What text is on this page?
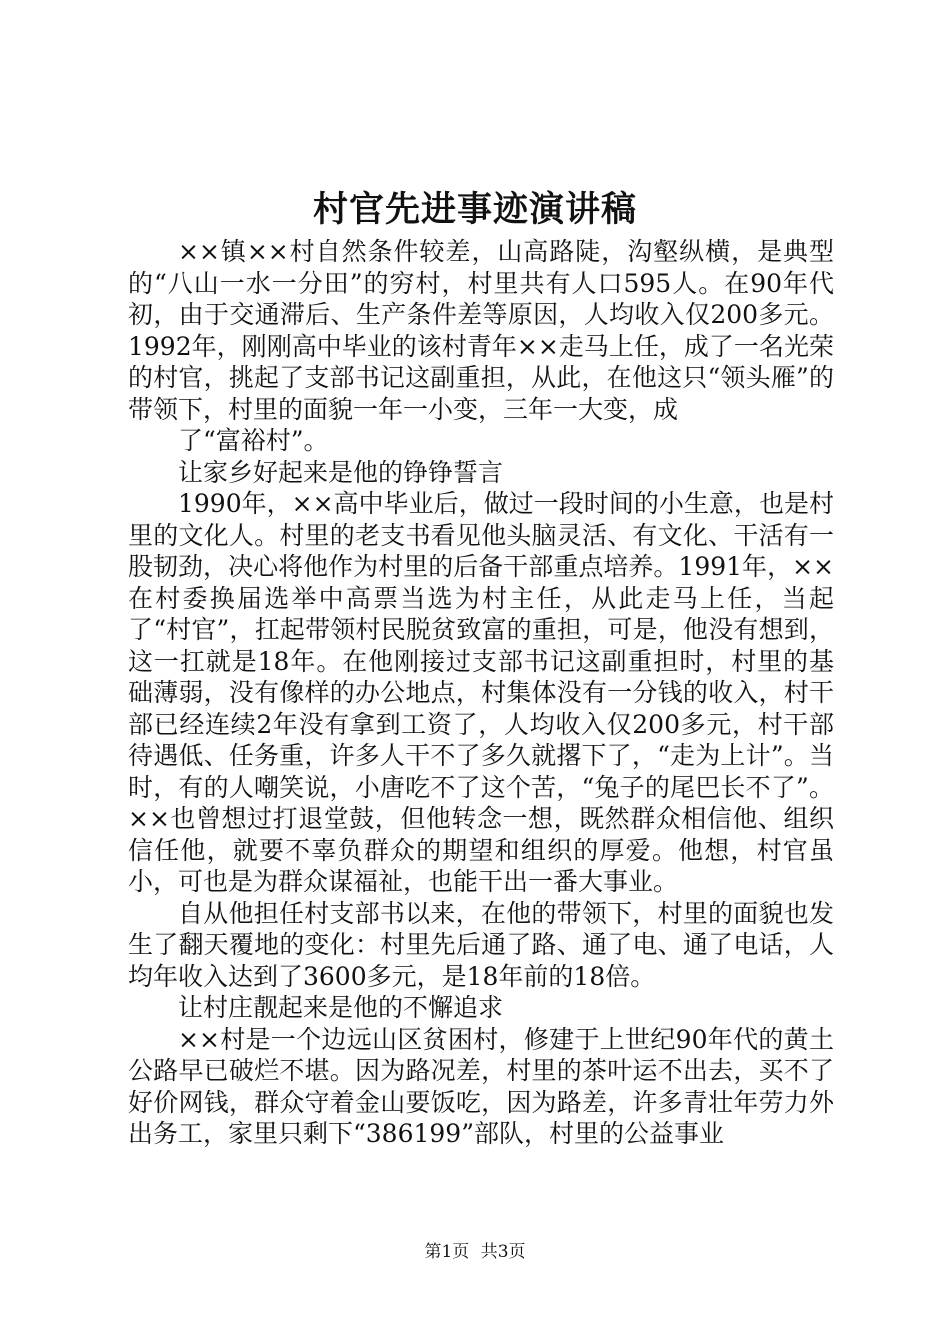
村官先进事迹演讲稿

××镇××村自然条件较差，山高路陡，沟壑纵横，是典型的“八山一水一分田”的穷村，村里共有人口595人。在90年代初，由于交通滞后、生产条件差等原因，人均收入仅200多元。1992年，刚刚高中毕业的该村青年××走马上任，成了一名光荣的村官，挑起了支部书记这副重担，从此，在他这只“领头雁”的带领下，村里的面貌一年一小变，三年一大变，成

了“富裕村”。

让家乡好起来是他的铮铮誓言

1990年，××高中毕业后，做过一段时间的小生意，也是村里的文化人。村里的老支书看见他头脑灵活、有文化、干活有一股韧劲，决心将他作为村里的后备干部重点培养。1991年，××在村委换届选举中高票当选为村主任，从此走马上任，当起了“村官”，扛起带领村民脱贫致富的重担，可是，他没有想到，这一扛就是18年。在他刚接过支部书记这副重担时，村里的基础薄弱，没有像样的办公地点，村集体没有一分钱的收入，村干部已经连续2年没有拿到工资了，人均收入仅200多元，村干部待遇低、任务重，许多人干不了多久就撂下了，“走为上计”。当时，有的人嘲笑说，小唐吃不了这个苦，“兔子的尾巴长不了”。××也曾想过打退堂鼓，但他转念一想，既然群众相信他、组织信任他，就要不辜负群众的期望和组织的厚爱。他想，村官虽小，可也是为群众谋福祉，也能干出一番大事业。

自从他担任村支部书以来，在他的带领下，村里的面貌也发生了翻天覆地的变化：村里先后通了路、通了电、通了电话，人均年收入达到了3600多元，是18年前的18倍。

让村庄靓起来是他的不懈追求

××村是一个边远山区贫困村，修建于上世纪90年代的黄土公路早已破烂不堪。因为路况差，村里的茶叶运不出去，买不了好价网钱，群众守着金山要饭吃，因为路差，许多青壮年劳力外出务工，家里只剩下“386199”部队，村里的公益事业

第1页 共3页
